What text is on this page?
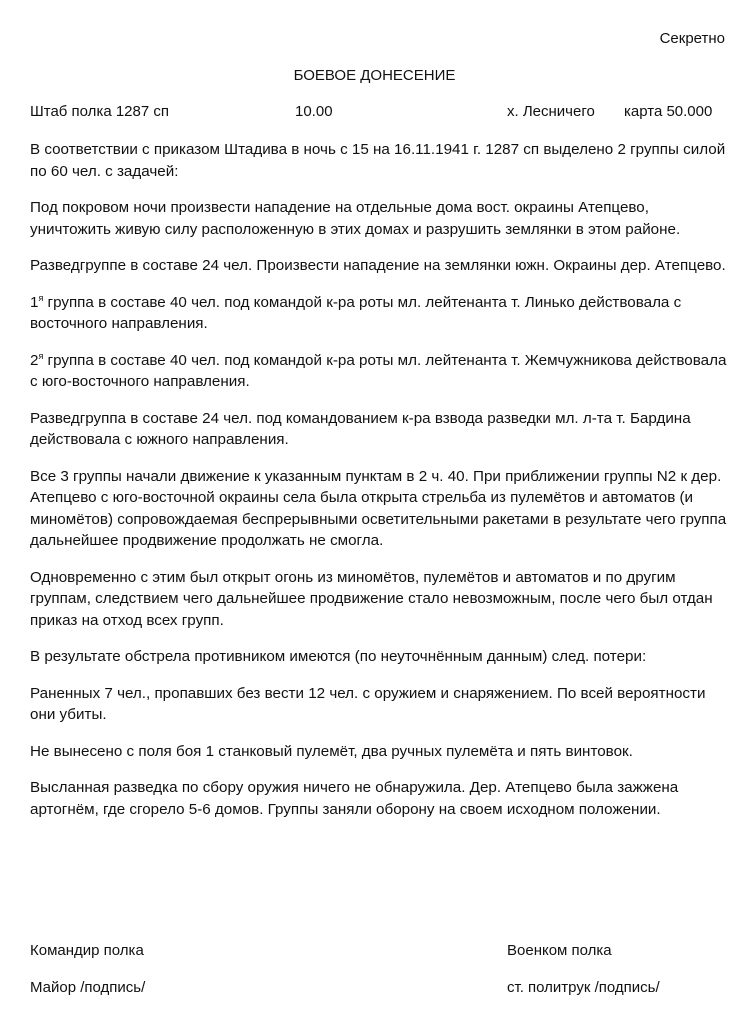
Секретно
БОЕВОЕ ДОНЕСЕНИЕ
Штаб полка 1287 сп	10.00	х. Лесничего карта 50.000

В соответствии с приказом Штадива в ночь с 15 на 16.11.1941 г. 1287 сп выделено 2 группы силой по 60 чел. с задачей:

Под покровом ночи произвести нападение на отдельные дома вост. окраины Атепцево, уничтожить живую силу расположенную в этих домах и разрушить землянки в этом районе.

Разведгруппе в составе 24 чел. Произвести нападение на землянки южн. Окраины дер. Атепцево.

$1^я$ группа в составе 40 чел. под командой к-ра роты мл. лейтенанта т. Линько действовала с восточного направления.

$2^я$ группа в составе 40 чел. под командой к-ра роты мл. лейтенанта т. Жемчужникова действовала с юго-восточного направления.

Разведгруппа в составе 24 чел. под командованием к-ра взвода разведки мл. л-та т. Бардина действовала с южного направления.

Все 3 группы начали движение к указанным пунктам в 2 ч. 40. При приближении группы N2 к дер. Атепцево с юго-восточной окраины села была открыта стрельба из пулемётов и автоматов (и миномётов) сопровождаемая беспрерывными осветительными ракетами в результате чего группа дальнейшее продвижение продолжать не смогла.

Одновременно с этим был открыт огонь из миномётов, пулемётов и автоматов и по другим группам, следствием чего дальнейшее продвижение стало невозможным, после чего был отдан приказ на отход всех групп.

В результате обстрела противником имеются (по неуточнённым данным) след. потери:

Раненных 7 чел., пропавших без вести 12 чел. с оружием и снаряжением. По всей вероятности они убиты.

Не вынесено с поля боя 1 станковый пулемёт, два ручных пулемёта и пять винтовок.

Высланная разведка по сбору оружия ничего не обнаружила. Дер. Атепцево была зажжена артогнём, где сгорело 5-6 домов. Группы заняли оборону на своем исходном положении.

Командир полка
Майор /подпись/
Военком полка
ст. политрук /подпись/
